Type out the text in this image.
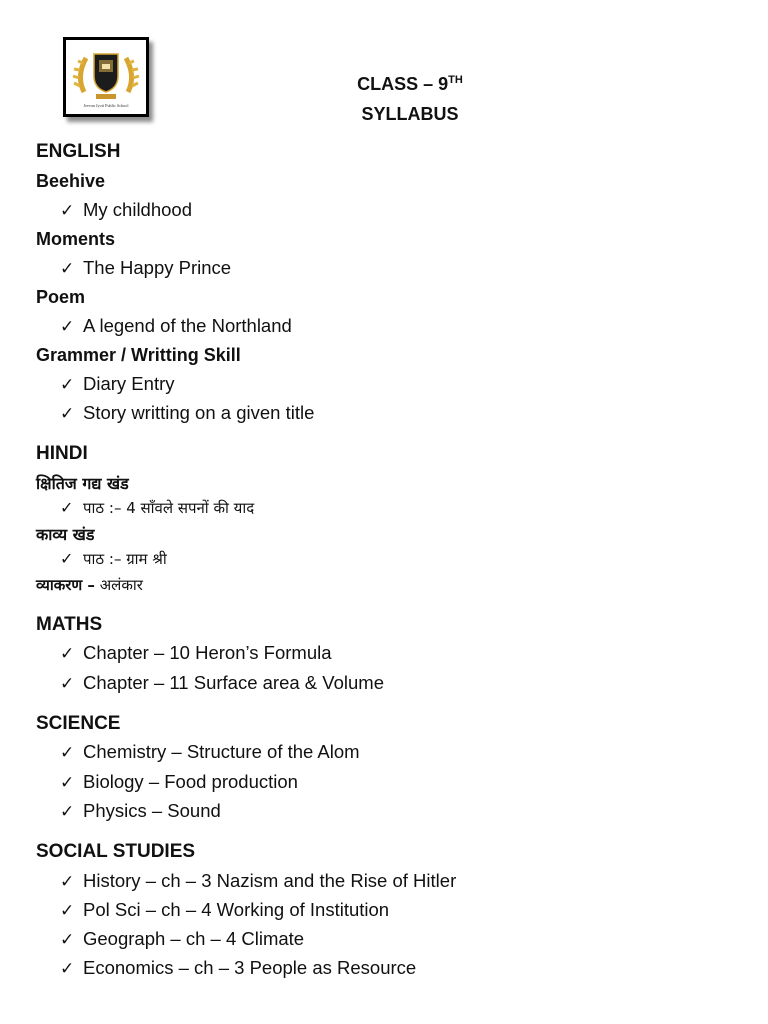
Jeevan Jyoti Public School
CLASS – 9TH
SYLLABUS
ENGLISH
Beehive
✓ My childhood
Moments
✓ The Happy Prince
Poem
✓ A legend of the Northland
Grammer / Writting Skill
✓ Diary Entry
✓ Story writting on a given title
HINDI
क्षितिज गद्य खंड
✓ पाठ :– 4 साँवले सपनों की याद
काव्य खंड
✓ पाठ :– ग्राम श्री
व्याकरण – अलंकार
MATHS
✓ Chapter – 10 Heron’s Formula
✓ Chapter – 11 Surface area & Volume
SCIENCE
✓ Chemistry – Structure of the Alom
✓ Biology – Food production
✓ Physics – Sound
SOCIAL STUDIES
✓ History – ch – 3 Nazism and the Rise of Hitler
✓ Pol Sci – ch – 4 Working of Institution
✓ Geograph – ch – 4 Climate
✓ Economics – ch – 3 People as Resource
